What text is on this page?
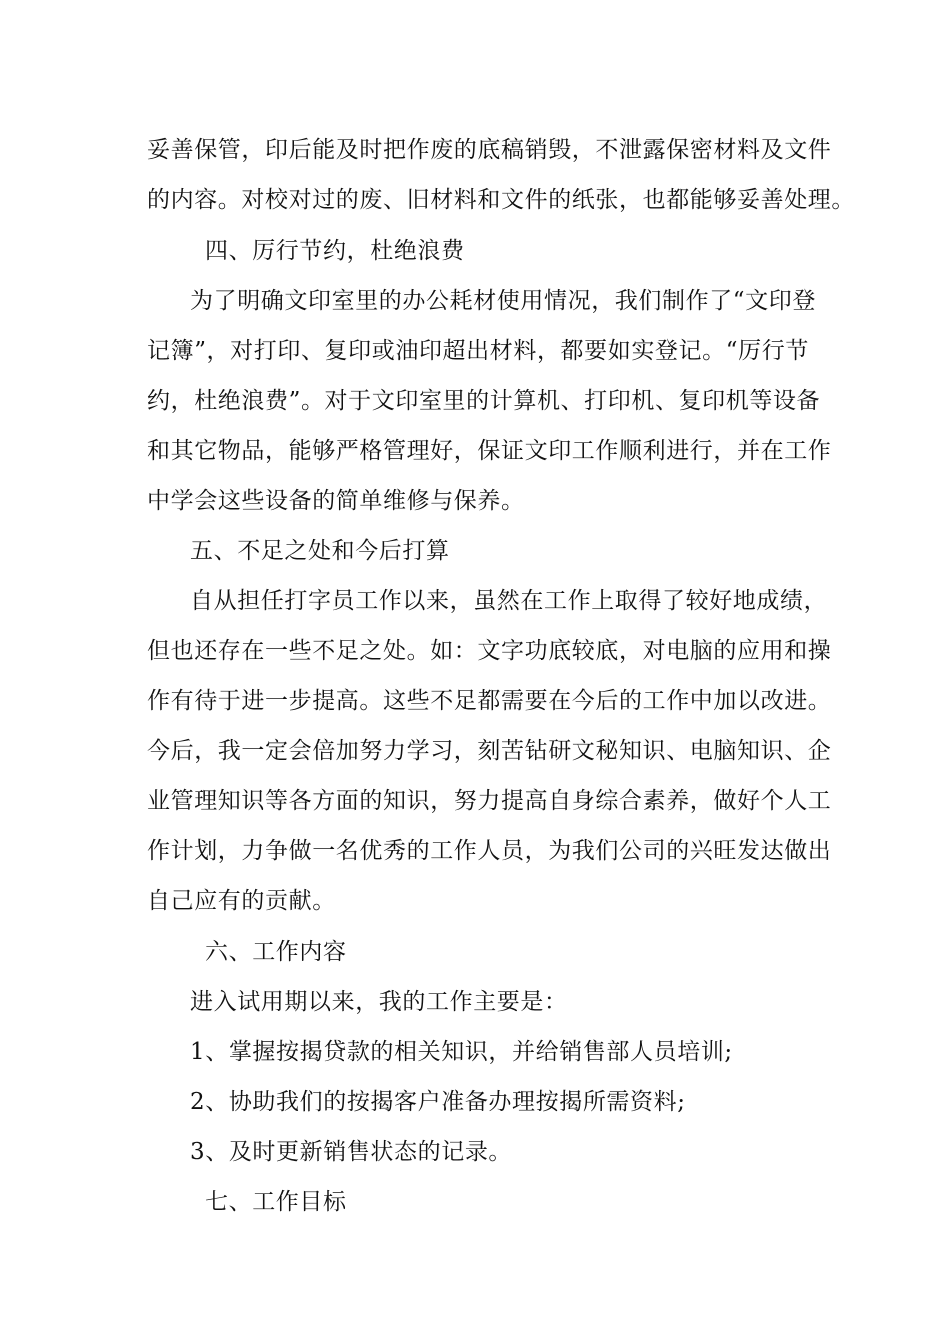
妥善保管，印后能及时把作废的底稿销毁，不泄露保密材料及文件
的内容。对校对过的废、旧材料和文件的纸张，也都能够妥善处理。
四、厉行节约，杜绝浪费
为了明确文印室里的办公耗材使用情况，我们制作了“文印登
记簿”，对打印、复印或油印超出材料，都要如实登记。“厉行节
约，杜绝浪费”。对于文印室里的计算机、打印机、复印机等设备
和其它物品，能够严格管理好，保证文印工作顺利进行，并在工作
中学会这些设备的简单维修与保养。
五、不足之处和今后打算
自从担任打字员工作以来，虽然在工作上取得了较好地成绩，
但也还存在一些不足之处。如：文字功底较底，对电脑的应用和操
作有待于进一步提高。这些不足都需要在今后的工作中加以改进。
今后，我一定会倍加努力学习，刻苦钻研文秘知识、电脑知识、企
业管理知识等各方面的知识，努力提高自身综合素养，做好个人工
作计划，力争做一名优秀的工作人员，为我们公司的兴旺发达做出
自己应有的贡献。
六、工作内容
进入试用期以来，我的工作主要是：
1、掌握按揭贷款的相关知识，并给销售部人员培训;
2、协助我们的按揭客户准备办理按揭所需资料;
3、及时更新销售状态的记录。
七、工作目标
